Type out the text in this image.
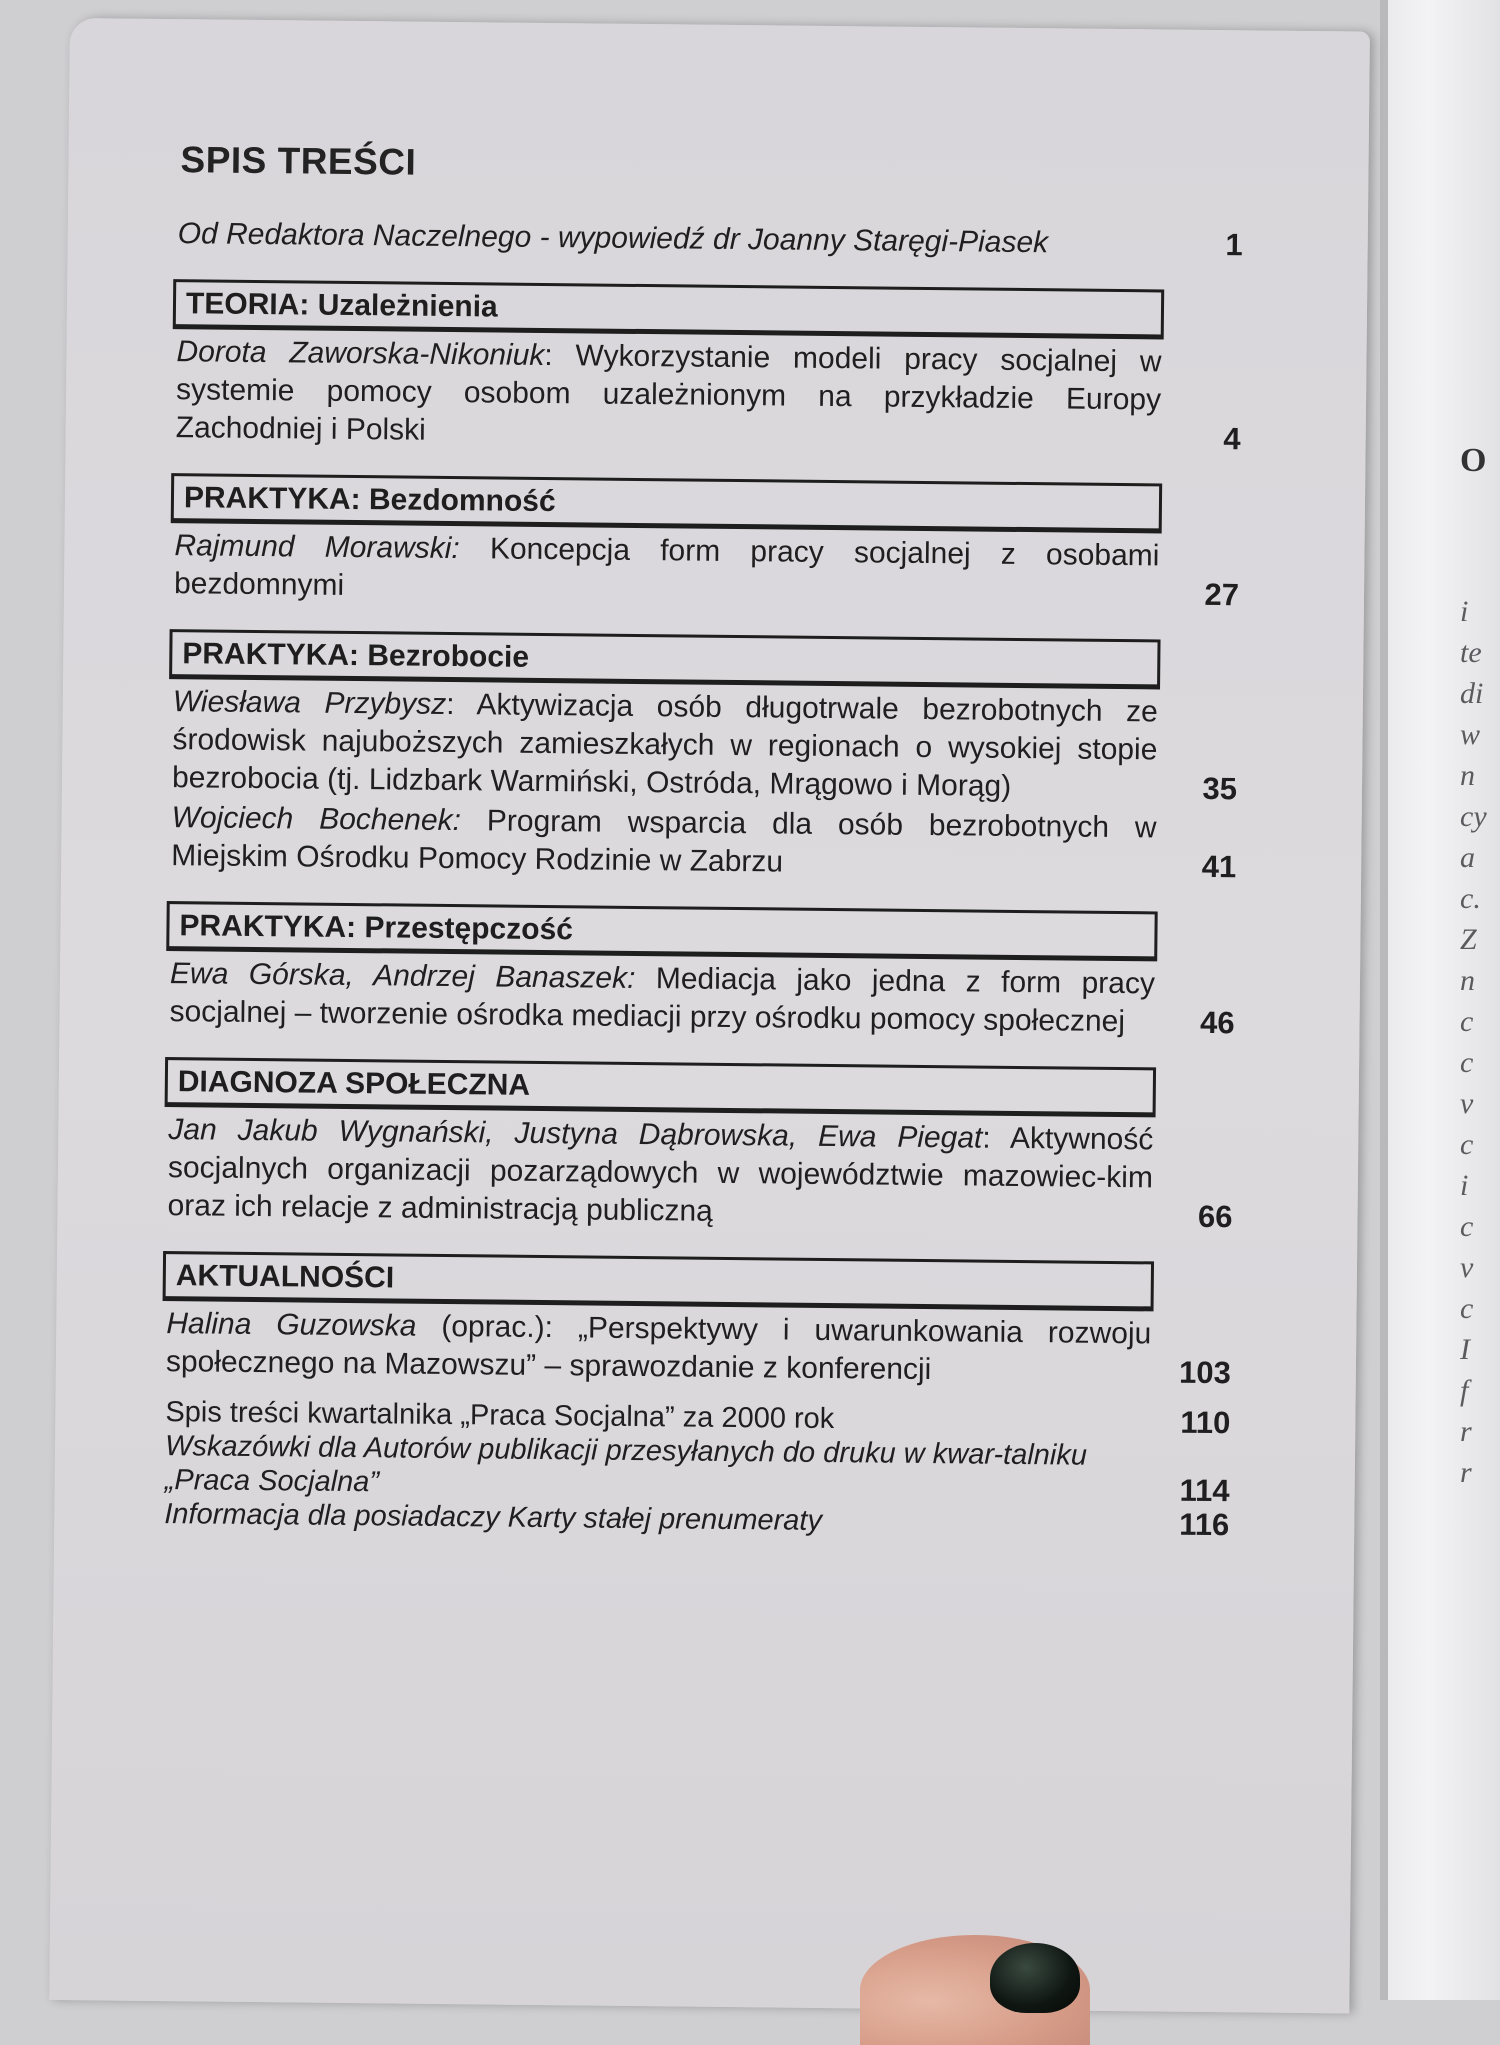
O
i
te
di
w
n
cy
a
c.
Z
n
c
c
v
c
i
c
v
c
I
f
r
r
SPIS TREŚCI
Od Redaktora Naczelnego - wypowiedź dr Joanny Staręgi-Piasek	1
TEORIA: Uzależnienia
Dorota Zaworska-Nikoniuk: Wykorzystanie modeli pracy socjalnej w systemie pomocy osobom uzależnionym na przykładzie Europy Zachodniej i Polski	4
PRAKTYKA: Bezdomność
Rajmund Morawski: Koncepcja form pracy socjalnej z osobami bezdomnymi	27
PRAKTYKA: Bezrobocie
Wiesława Przybysz: Aktywizacja osób długotrwale bezrobotnych ze środowisk najuboższych zamieszkałych w regionach o wysokiej stopie bezrobocia (tj. Lidzbark Warmiński, Ostróda, Mrągowo i Morąg)	35
Wojciech Bochenek: Program wsparcia dla osób bezrobotnych w Miejskim Ośrodku Pomocy Rodzinie w Zabrzu	41
PRAKTYKA: Przestępczość
Ewa Górska, Andrzej Banaszek: Mediacja jako jedna z form pracy socjalnej – tworzenie ośrodka mediacji przy ośrodku pomocy społecznej	46
DIAGNOZA SPOŁECZNA
Jan Jakub Wygnański, Justyna Dąbrowska, Ewa Piegat: Aktywność socjalnych organizacji pozarządowych w województwie mazowiec-kim oraz ich relacje z administracją publiczną	66
AKTUALNOŚCI
Halina Guzowska (oprac.): „Perspektywy i uwarunkowania rozwoju społecznego na Mazowszu” – sprawozdanie z konferencji	103
Spis treści kwartalnika „Praca Socjalna” za 2000 rok	110
Wskazówki dla Autorów publikacji przesyłanych do druku w kwar-talniku „Praca Socjalna”	114
Informacja dla posiadaczy Karty stałej prenumeraty	116
